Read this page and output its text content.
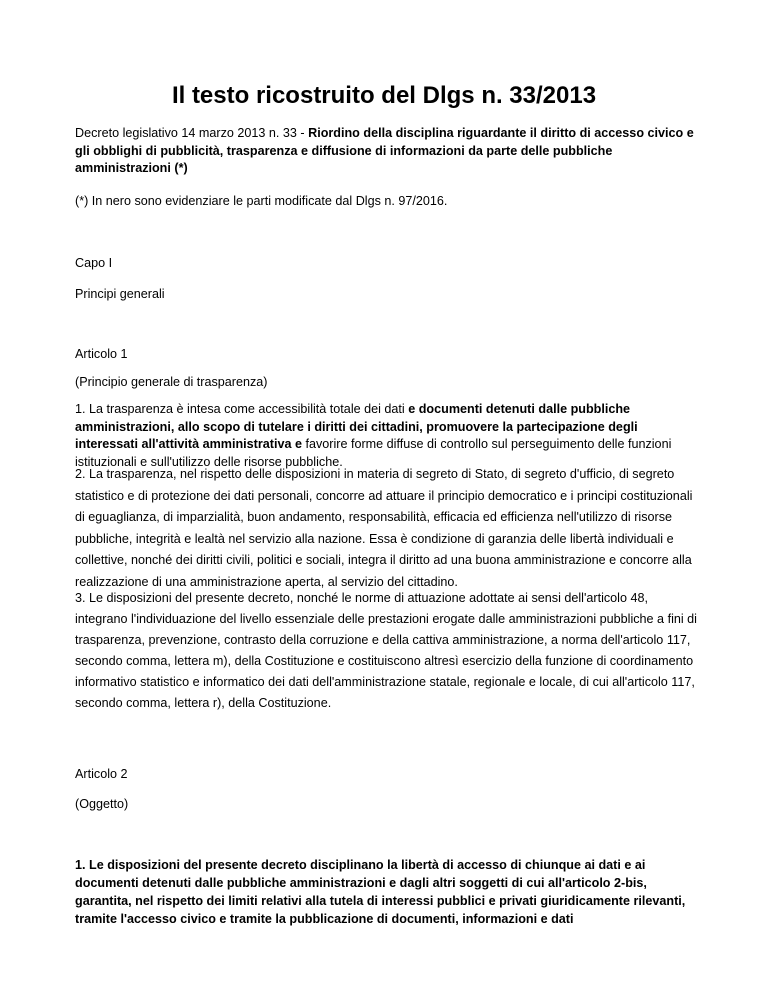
Il testo ricostruito del Dlgs n. 33/2013

Decreto legislativo 14 marzo 2013 n. 33 - Riordino della disciplina riguardante il diritto di accesso civico e gli obblighi di pubblicità, trasparenza e diffusione di informazioni da parte delle pubbliche amministrazioni (*)

(*) In nero sono evidenziare le parti modificate dal Dlgs n. 97/2016.

Capo I

Principi generali

Articolo 1

(Principio generale di trasparenza)

1. La trasparenza è intesa come accessibilità totale dei dati e documenti detenuti dalle pubbliche amministrazioni, allo scopo di tutelare i diritti dei cittadini, promuovere la partecipazione degli interessati all'attività amministrativa e favorire forme diffuse di controllo sul perseguimento delle funzioni istituzionali e sull'utilizzo delle risorse pubbliche.

2. La trasparenza, nel rispetto delle disposizioni in materia di segreto di Stato, di segreto d'ufficio, di segreto statistico e di protezione dei dati personali, concorre ad attuare il principio democratico e i principi costituzionali di eguaglianza, di imparzialità, buon andamento, responsabilità, efficacia ed efficienza nell'utilizzo di risorse pubbliche, integrità e lealtà nel servizio alla nazione. Essa è condizione di garanzia delle libertà individuali e collettive, nonché dei diritti civili, politici e sociali, integra il diritto ad una buona amministrazione e concorre alla realizzazione di una amministrazione aperta, al servizio del cittadino.

3. Le disposizioni del presente decreto, nonché le norme di attuazione adottate ai sensi dell'articolo 48, integrano l'individuazione del livello essenziale delle prestazioni erogate dalle amministrazioni pubbliche a fini di trasparenza, prevenzione, contrasto della corruzione e della cattiva amministrazione, a norma dell'articolo 117, secondo comma, lettera m), della Costituzione e costituiscono altresì esercizio della funzione di coordinamento informativo statistico e informatico dei dati dell'amministrazione statale, regionale e locale, di cui all'articolo 117, secondo comma, lettera r), della Costituzione.

Articolo 2

(Oggetto)

1. Le disposizioni del presente decreto disciplinano la libertà di accesso di chiunque ai dati e ai documenti detenuti dalle pubbliche amministrazioni e dagli altri soggetti di cui all'articolo 2-bis, garantita, nel rispetto dei limiti relativi alla tutela di interessi pubblici e privati giuridicamente rilevanti, tramite l'accesso civico e tramite la pubblicazione di documenti, informazioni e dati
